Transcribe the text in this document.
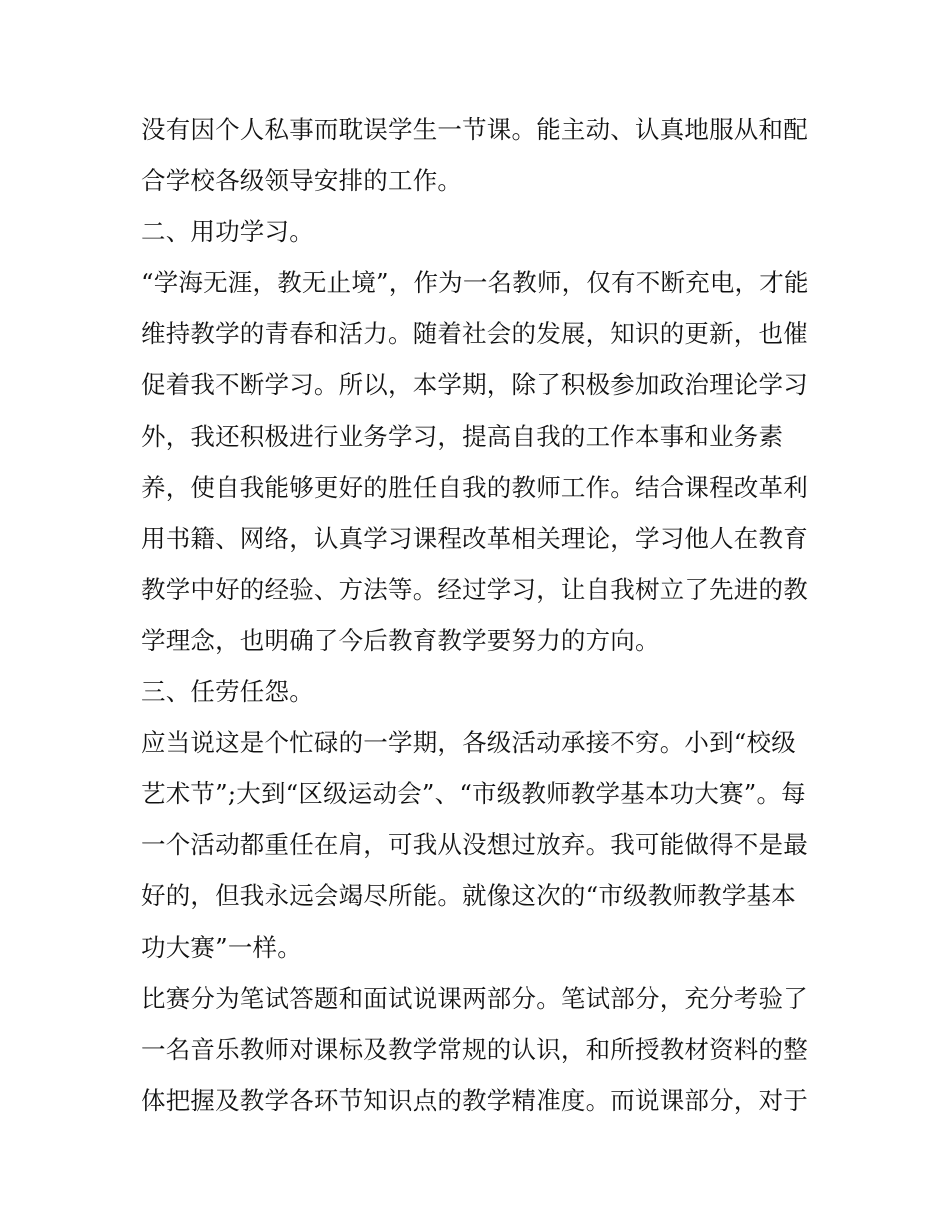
没有因个人私事而耽误学生一节课。能主动、认真地服从和配
合学校各级领导安排的工作。
二、用功学习。
“学海无涯，教无止境”，作为一名教师，仅有不断充电，才能
维持教学的青春和活力。随着社会的发展，知识的更新，也催
促着我不断学习。所以，本学期，除了积极参加政治理论学习
外，我还积极进行业务学习，提高自我的工作本事和业务素
养，使自我能够更好的胜任自我的教师工作。结合课程改革利
用书籍、网络，认真学习课程改革相关理论，学习他人在教育
教学中好的经验、方法等。经过学习，让自我树立了先进的教
学理念，也明确了今后教育教学要努力的方向。
三、任劳任怨。
应当说这是个忙碌的一学期，各级活动承接不穷。小到“校级
艺术节”;大到“区级运动会”、“市级教师教学基本功大赛”。每
一个活动都重任在肩，可我从没想过放弃。我可能做得不是最
好的，但我永远会竭尽所能。就像这次的“市级教师教学基本
功大赛”一样。
比赛分为笔试答题和面试说课两部分。笔试部分，充分考验了
一名音乐教师对课标及教学常规的认识，和所授教材资料的整
体把握及教学各环节知识点的教学精准度。而说课部分，对于
